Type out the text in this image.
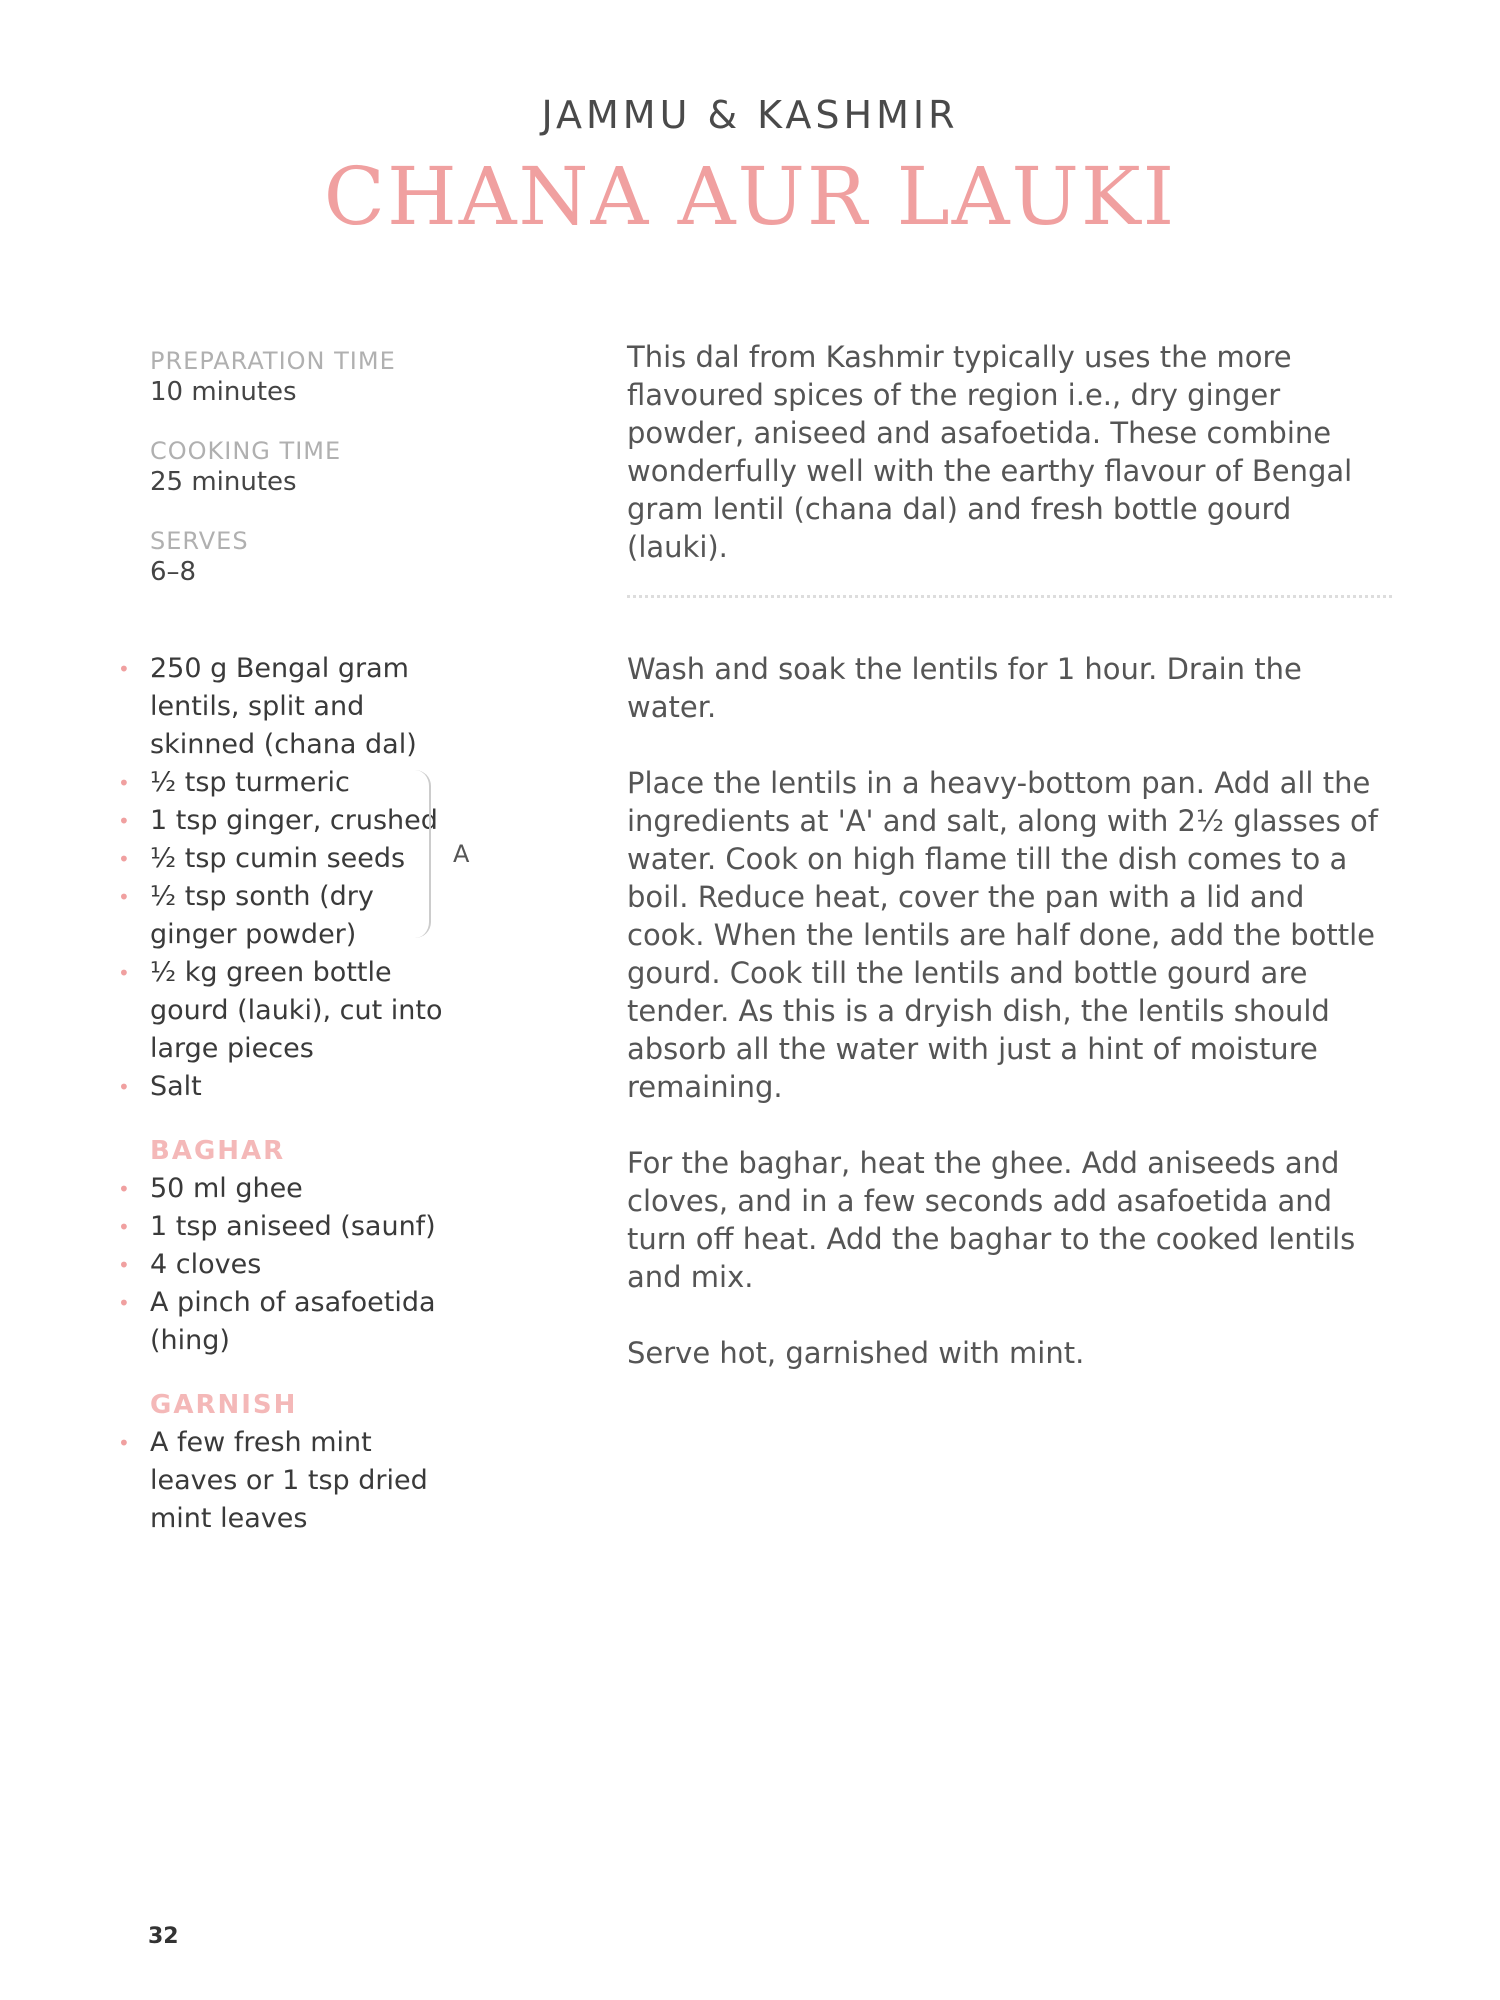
JAMMU & KASHMIR
CHANA AUR LAUKI
PREPARATION TIME
10 minutes
COOKING TIME
25 minutes
SERVES
6–8

This dal from Kashmir typically uses the more flavoured spices of the region i.e., dry ginger powder, aniseed and asafoetida. These combine wonderfully well with the earthy flavour of Bengal gram lentil (chana dal) and fresh bottle gourd (lauki).

• 250 g Bengal gram lentils, split and skinned (chana dal)
• ½ tsp turmeric
• 1 tsp ginger, crushed
• ½ tsp cumin seeds
• ½ tsp sonth (dry ginger powder)
• ½ kg green bottle gourd (lauki), cut into large pieces
• Salt
BAGHAR
• 50 ml ghee
• 1 tsp aniseed (saunf)
• 4 cloves
• A pinch of asafoetida (hing)
GARNISH
• A few fresh mint leaves or 1 tsp dried mint leaves
A

Wash and soak the lentils for 1 hour. Drain the water.

Place the lentils in a heavy-bottom pan. Add all the ingredients at 'A' and salt, along with 2½ glasses of water. Cook on high flame till the dish comes to a boil. Reduce heat, cover the pan with a lid and cook. When the lentils are half done, add the bottle gourd. Cook till the lentils and bottle gourd are tender. As this is a dryish dish, the lentils should absorb all the water with just a hint of moisture remaining.

For the baghar, heat the ghee. Add aniseeds and cloves, and in a few seconds add asafoetida and turn off heat. Add the baghar to the cooked lentils and mix.

Serve hot, garnished with mint.

32
